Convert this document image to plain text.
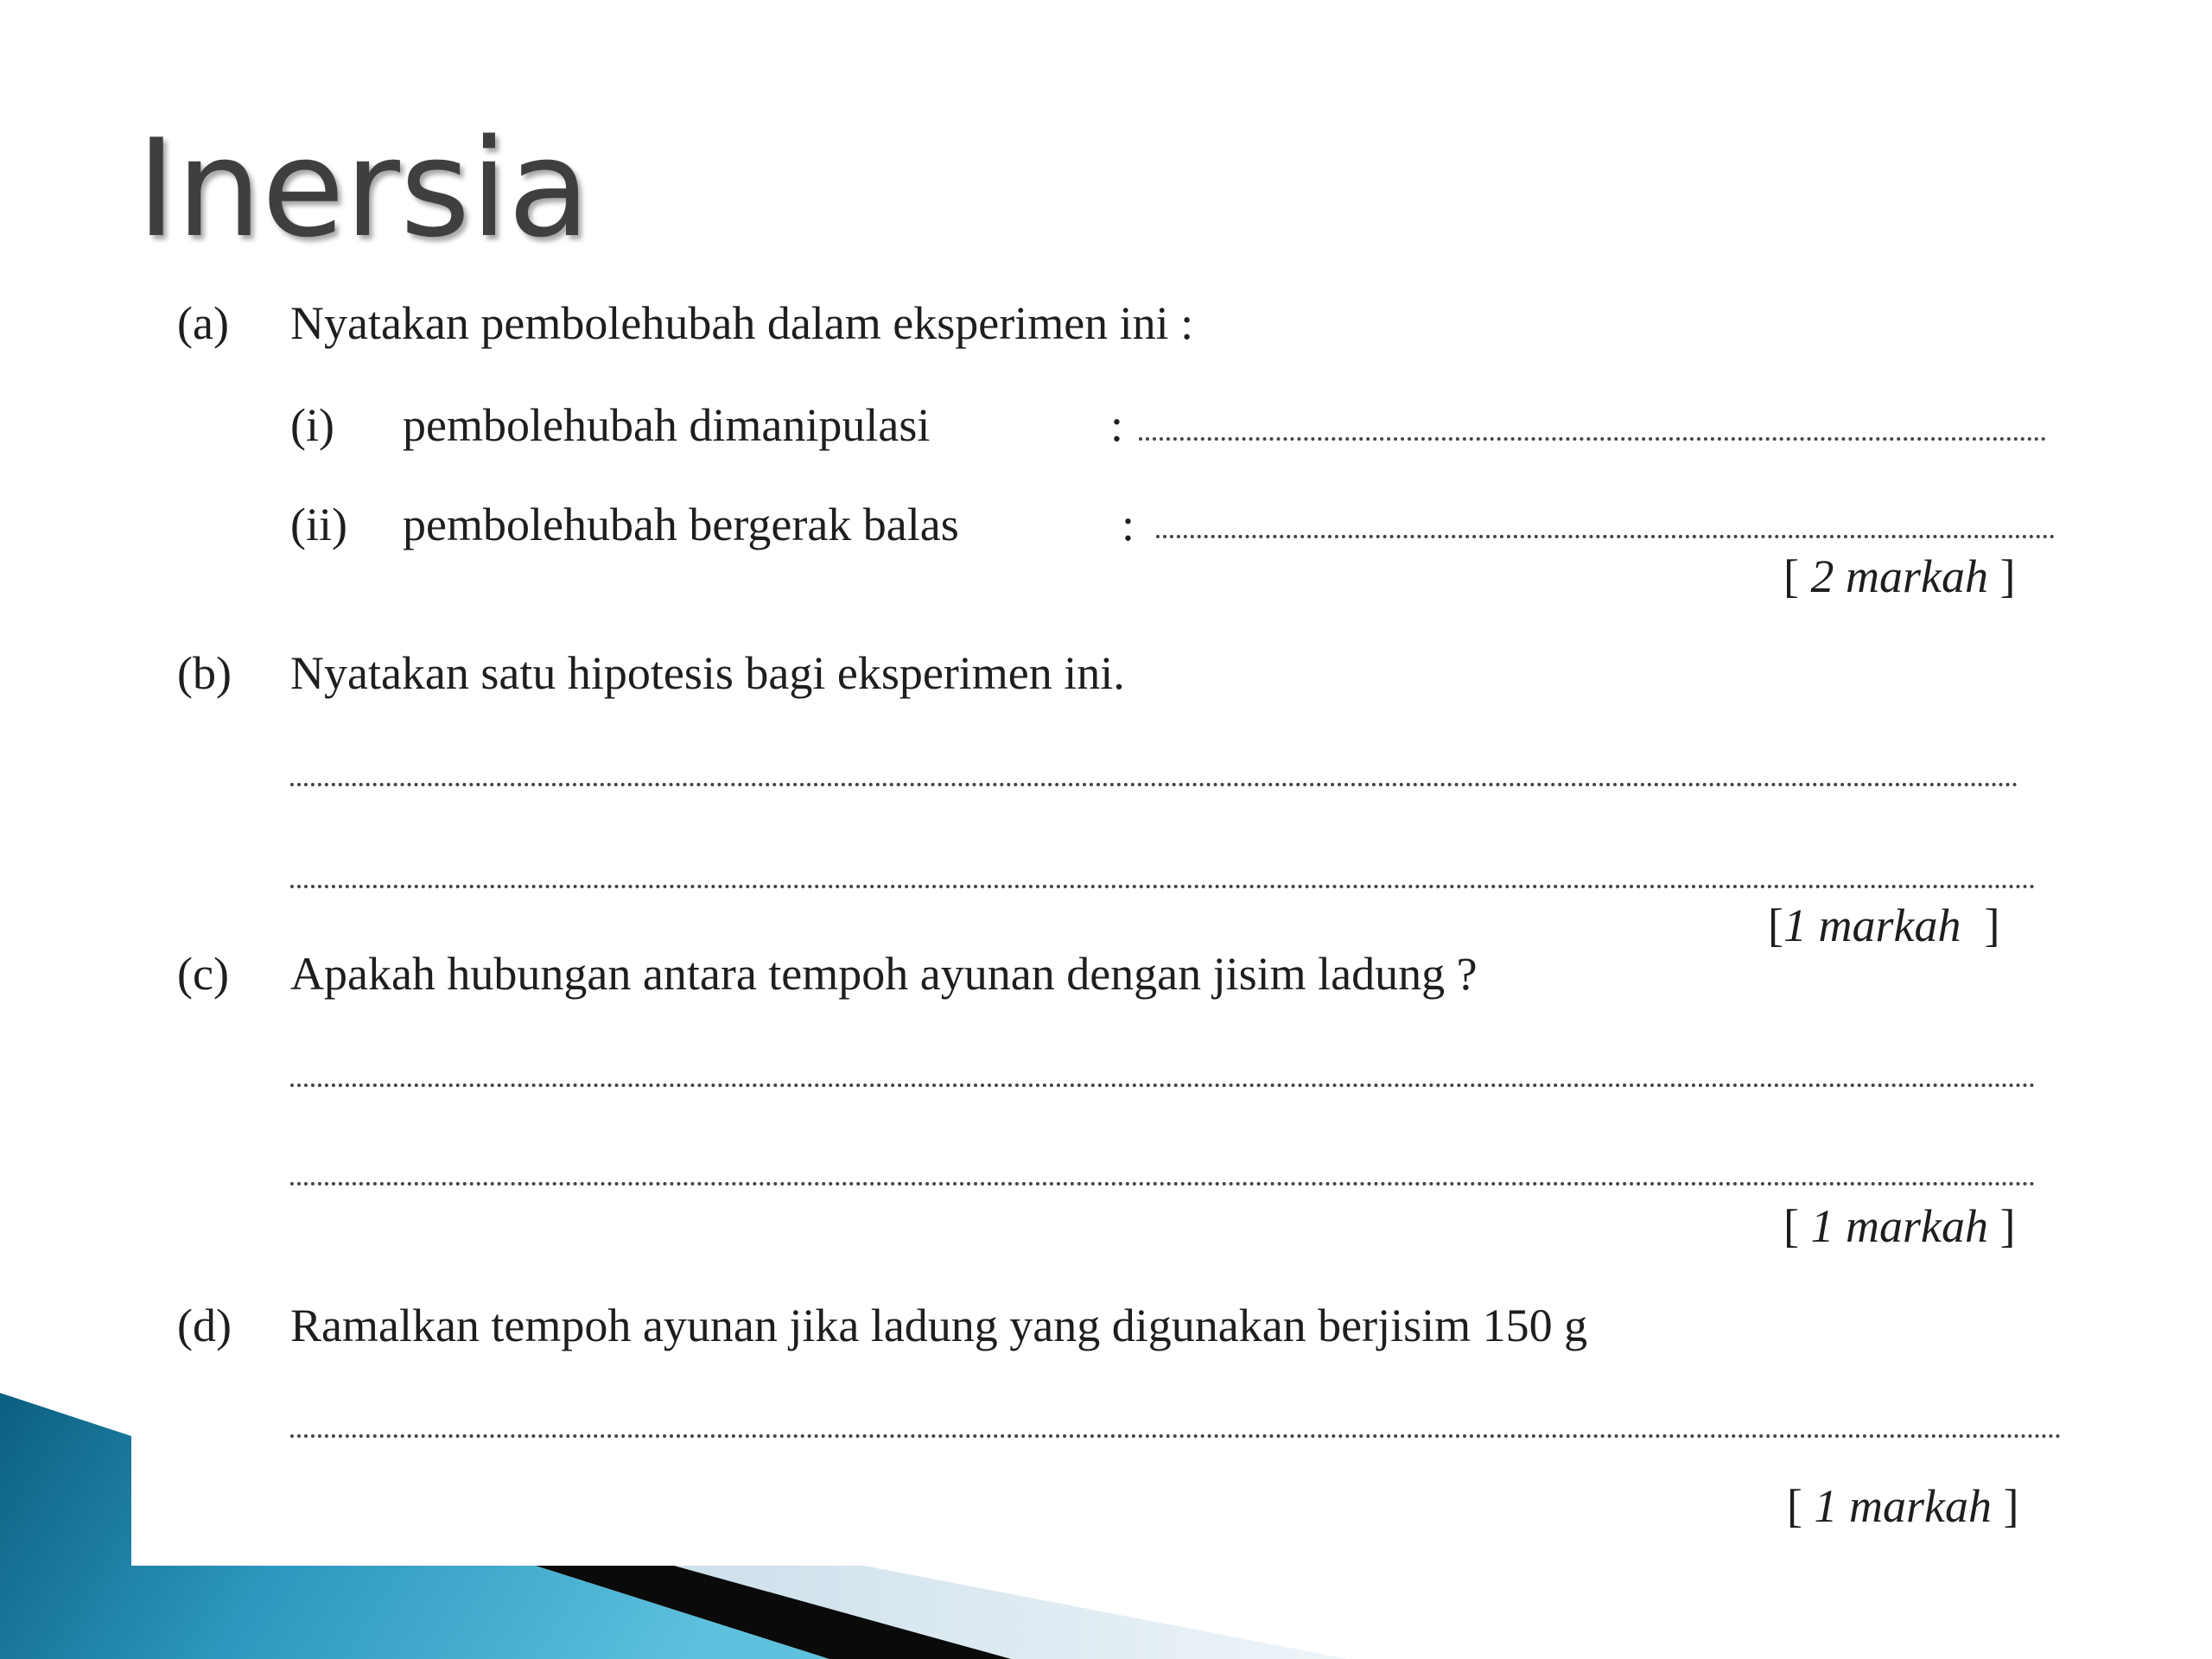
Inersia
(a) Nyatakan pembolehubah dalam eksperimen ini :
(i) pembolehubah dimanipulasi	:
(ii) pembolehubah bergerak balas	:
[ 2 markah ]
(b) Nyatakan satu hipotesis bagi eksperimen ini.
[1 markah ]
(c) Apakah hubungan antara tempoh ayunan dengan jisim ladung ?
[ 1 markah ]
(d) Ramalkan tempoh ayunan jika ladung yang digunakan berjisim 150 g
[ 1 markah ]
